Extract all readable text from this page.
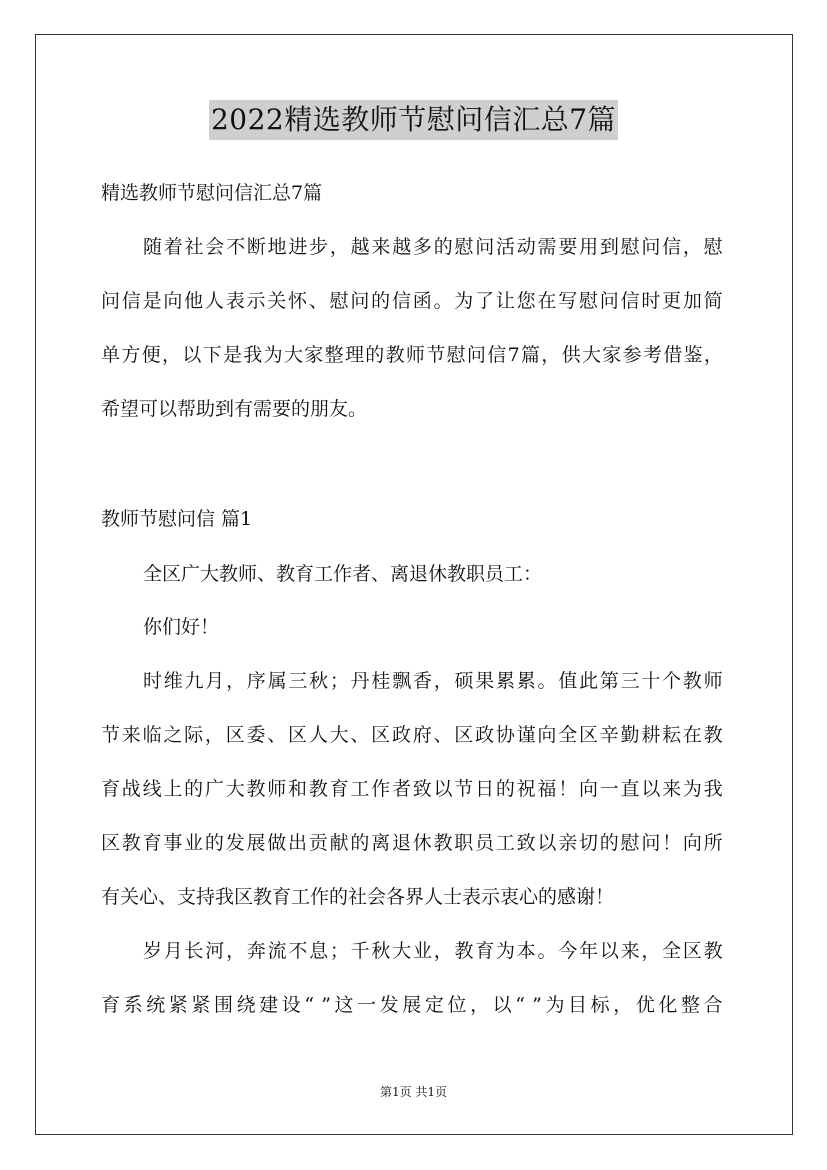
2022精选教师节慰问信汇总7篇
精选教师节慰问信汇总7篇
随 着 社 会 不 断 地 进 步 ， 越 来 越 多 的 慰 问 活 动 需 要 用 到 慰 问 信 ， 慰
问 信 是 向 他 人 表 示 关 怀 、 慰 问 的 信 函 。 为 了 让 您 在 写 慰 问 信 时 更 加 简
单 方 便 ， 以 下 是 我 为 大 家 整 理 的 教 师 节 慰 问 信 7 篇 ， 供 大 家 参 考 借 鉴 ，
希望可以帮助到有需要的朋友。
教师节慰问信 篇1
全区广大教师、教育工作者、离退休教职员工：
你们好！
时 维 九 月 ， 序 属 三 秋 ； 丹 桂 飘 香 ， 硕 果 累 累 。 值 此 第 三 十 个 教 师
节 来 临 之 际 ， 区 委 、 区 人 大 、 区 政 府 、 区 政 协 谨 向 全 区 辛 勤 耕 耘 在 教
育 战 线 上 的 广 大 教 师 和 教 育 工 作 者 致 以 节 日 的 祝 福 ！ 向 一 直 以 来 为 我
区 教 育 事 业 的 发 展 做 出 贡 献 的 离 退 休 教 职 员 工 致 以 亲 切 的 慰 问 ！ 向 所
有关心、支持我区教育工作的社会各界人士表示衷心的感谢！
岁 月 长 河 ， 奔 流 不 息 ； 千 秋 大 业 ， 教 育 为 本 。 今 年 以 来 ， 全 区 教
育 系 统 紧 紧 围 绕 建 设 “ ” 这 一 发 展 定 位 ， 以 “ ” 为 目 标 ， 优 化 整 合
第1页 共1页
